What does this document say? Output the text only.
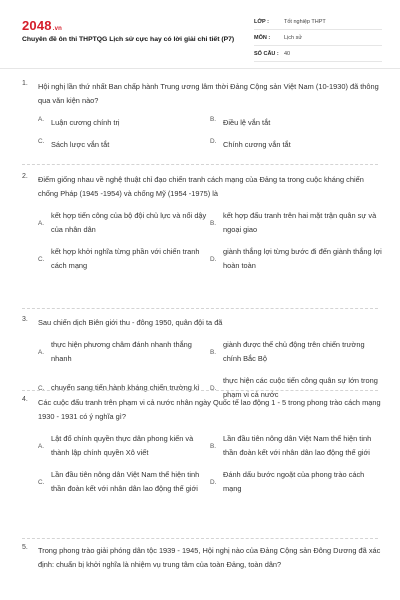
2048.vn
Chuyên đề ôn thi THPTQG Lịch sử cực hay có lời giải chi tiết (P7)
LỚP :	Tốt nghiệp THPT
MÔN :	Lịch sử
SỐ CÂU : 40
1. Hội nghị lần thứ nhất Ban chấp hành Trung ương lâm thời Đảng Cộng sản Việt Nam (10-1930) đã thông qua văn kiện nào?
A. Luận cương chính trị	B. Điều lệ vắn tắt
C. Sách lược vắn tắt	D. Chính cương vắn tắt
2. Điểm giống nhau về nghệ thuật chỉ đạo chiến tranh cách mạng của Đảng ta trong cuộc kháng chiến chống Pháp (1945 -1954) và chống Mỹ (1954 -1975) là
A.
kết hợp tiến công của bộ đội chủ lực và nổi dậy của nhân dân
B.
kết hợp đấu tranh trên hai mặt trận quân sự và ngoại giao
C.
kết hợp khởi nghĩa từng phần với chiến tranh cách mạng
D.
giành thắng lợi từng bước đi đến giành thắng lợi hoàn toàn
3. Sau chiến dịch Biên giới thu - đông 1950, quân đội ta đã
A.
thực hiện phương châm đánh nhanh thắng nhanh
B.
giành được thế chủ động trên chiến trường chính Bắc Bộ
C. chuyển sang tiến hành kháng chiến trường kì D.
thực hiện các cuộc tiến công quân sự lớn trong phạm vi cả nước
4. Các cuộc đấu tranh trên phạm vi cả nước nhân ngày Quốc tế lao động 1 - 5 trong phong trào cách mạng 1930 - 1931 có ý nghĩa gì?
A.
Lật đổ chính quyền thực dân phong kiến và thành lập chính quyền Xô viết
B.
Lần đầu tiên nông dân Việt Nam thể hiện tinh thần đoàn kết với nhân dân lao động thế giới
C.
Lần đầu tiên nông dân Việt Nam thể hiện tinh thần đoàn kết với nhân dân lao động thế giới
D.
Đánh dấu bước ngoặt của phong trào cách mạng
5. Trong phong trào giải phóng dân tộc 1939 - 1945, Hội nghị nào của Đảng Cộng sản Đông Dương đã xác định: chuẩn bị khởi nghĩa là nhiệm vụ trung tâm của toàn Đảng, toàn dân?
